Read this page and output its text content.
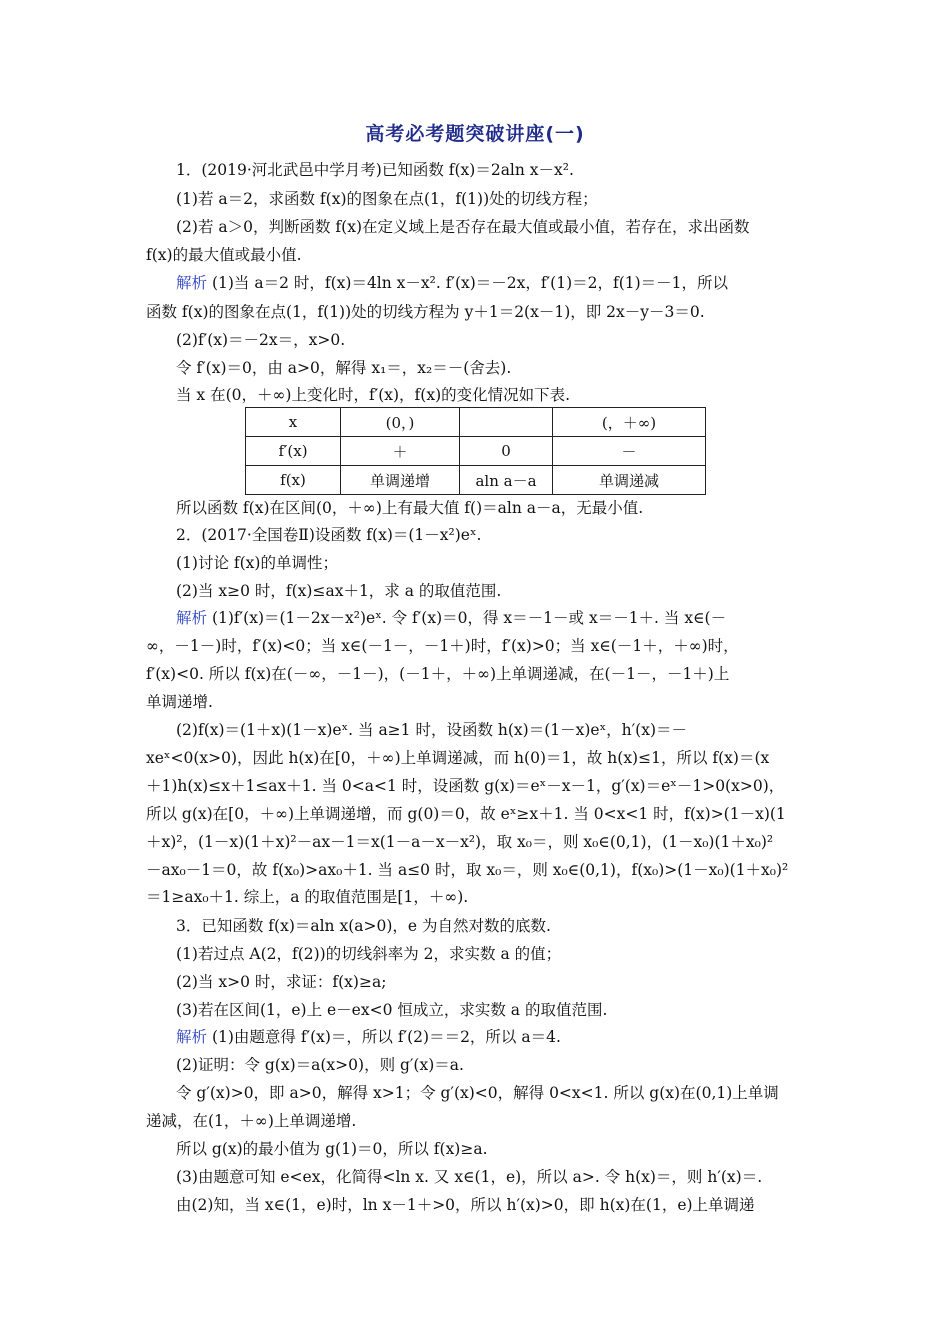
高考必考题突破讲座(一)
1．(2019·河北武邑中学月考)已知函数 f(x)＝2aln x－x².
(1)若 a＝2，求函数 f(x)的图象在点(1，f(1))处的切线方程；
(2)若 a＞0，判断函数 f(x)在定义域上是否存在最大值或最小值，若存在，求出函数
f(x)的最大值或最小值.
解析 (1)当 a＝2 时，f(x)＝4ln x－x². f′(x)＝－2x，f′(1)＝2，f(1)＝－1，所以
函数 f(x)的图象在点(1，f(1))处的切线方程为 y＋1＝2(x－1)，即 2x－y－3＝0.
(2)f′(x)＝－2x＝，x>0.
令 f′(x)＝0，由 a>0，解得 x₁＝，x₂＝－(舍去).
当 x 在(0，＋∞)上变化时，f′(x)，f(x)的变化情况如下表.
x	(0，)		(，＋∞)
f′(x)	＋	0	－
f(x)	单调递增	aln a－a	单调递减
所以函数 f(x)在区间(0，＋∞)上有最大值 f()＝aln a－a，无最小值.
2．(2017·全国卷Ⅱ)设函数 f(x)＝(1－x²)eˣ.
(1)讨论 f(x)的单调性；
(2)当 x≥0 时，f(x)≤ax＋1，求 a 的取值范围.
解析 (1)f′(x)＝(1－2x－x²)eˣ. 令 f′(x)＝0，得 x＝－1－或 x＝－1＋. 当 x∈(－
∞，－1－)时，f′(x)<0；当 x∈(－1－，－1＋)时，f′(x)>0；当 x∈(－1＋，＋∞)时，
f′(x)<0. 所以 f(x)在(－∞，－1－)，(－1＋，＋∞)上单调递减，在(－1－，－1＋)上
单调递增.
(2)f(x)＝(1＋x)(1－x)eˣ. 当 a≥1 时，设函数 h(x)＝(1－x)eˣ，h′(x)＝－
xeˣ<0(x>0)，因此 h(x)在[0，＋∞)上单调递减，而 h(0)＝1，故 h(x)≤1，所以 f(x)＝(x
＋1)h(x)≤x＋1≤ax＋1. 当 0<a<1 时，设函数 g(x)＝eˣ－x－1，g′(x)＝eˣ－1>0(x>0)，
所以 g(x)在[0，＋∞)上单调递增，而 g(0)＝0，故 eˣ≥x＋1. 当 0<x<1 时，f(x)>(1－x)(1
＋x)²，(1－x)(1＋x)²－ax－1＝x(1－a－x－x²)，取 x₀＝，则 x₀∈(0,1)，(1－x₀)(1＋x₀)²
－ax₀－1＝0，故 f(x₀)>ax₀＋1. 当 a≤0 时，取 x₀＝，则 x₀∈(0,1)，f(x₀)>(1－x₀)(1＋x₀)²
＝1≥ax₀＋1. 综上，a 的取值范围是[1，＋∞).
3．已知函数 f(x)＝aln x(a>0)，e 为自然对数的底数.
(1)若过点 A(2，f(2))的切线斜率为 2，求实数 a 的值；
(2)当 x>0 时，求证：f(x)≥a;
(3)若在区间(1，e)上 e－ex<0 恒成立，求实数 a 的取值范围.
解析 (1)由题意得 f′(x)＝，所以 f′(2)＝＝2，所以 a＝4.
(2)证明：令 g(x)＝a(x>0)，则 g′(x)＝a.
令 g′(x)>0，即 a>0，解得 x>1；令 g′(x)<0，解得 0<x<1. 所以 g(x)在(0,1)上单调
递减，在(1，＋∞)上单调递增.
所以 g(x)的最小值为 g(1)＝0，所以 f(x)≥a.
(3)由题意可知 e<ex，化简得<ln x. 又 x∈(1，e)，所以 a>. 令 h(x)＝，则 h′(x)＝.
由(2)知，当 x∈(1，e)时，ln x－1＋>0，所以 h′(x)>0，即 h(x)在(1，e)上单调递
